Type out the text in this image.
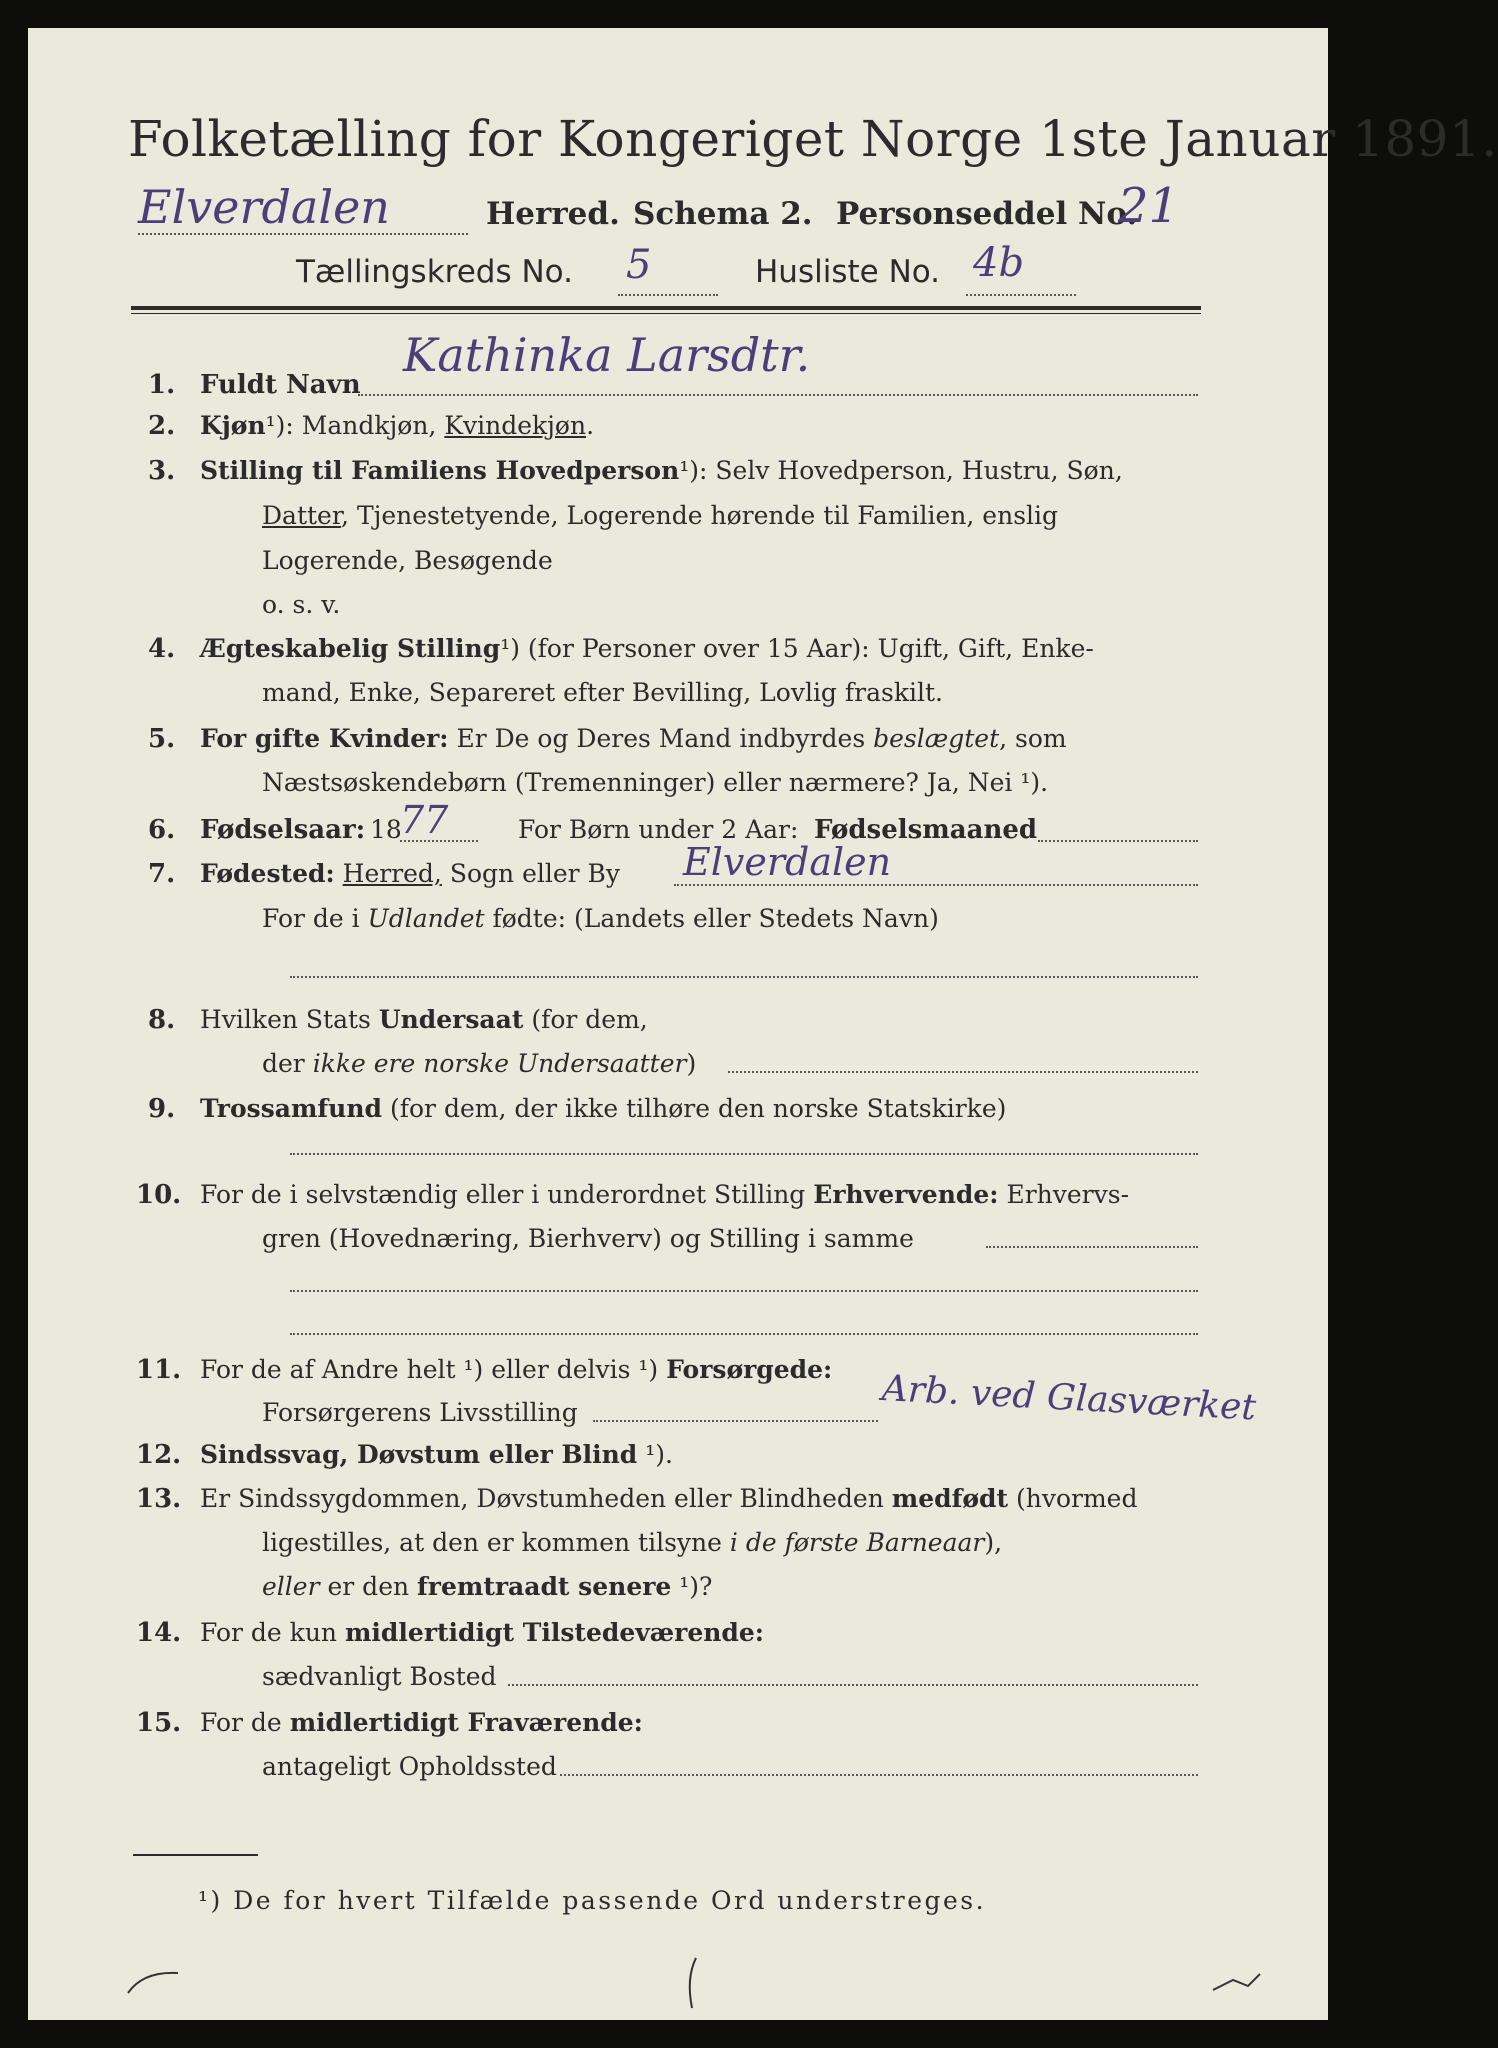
Folketælling for Kongeriget Norge 1ste Januar 1891.
Elverdalen	Herred. Schema 2. Personseddel No.
21
Tællingskreds No. 5	Husliste No. 4b
1. Fuldt Navn
Kathinka Larsdtr.
2. Kjøn¹): Mandkjøn, Kvindekjøn.
3. Stilling til Familiens Hovedperson¹): Selv Hovedperson, Hustru, Søn,
Datter, Tjenestetyende, Logerende hørende til Familien, enslig
Logerende, Besøgende
o. s. v.
4. Ægteskabelig Stilling¹) (for Personer over 15 Aar): Ugift, Gift, Enke-
mand, Enke, Separeret efter Bevilling, Lovlig fraskilt.
5. For gifte Kvinder: Er De og Deres Mand indbyrdes beslægtet, som
Næstsøskendebørn (Tremenninger) eller nærmere? Ja, Nei ¹).
6. Fødselsaar: 18
77	For Børn under 2 Aar: Fødselsmaaned
7. Fødested: Herred, Sogn eller By Elverdalen
For de i Udlandet fødte: (Landets eller Stedets Navn)
8. Hvilken Stats Undersaat (for dem,
der ikke ere norske Undersaatter)
9. Trossamfund (for dem, der ikke tilhøre den norske Statskirke)
10. For de i selvstændig eller i underordnet Stilling Erhvervende: Erhvervs-
gren (Hovednæring, Bierhverv) og Stilling i samme
11. For de af Andre helt ¹) eller delvis ¹) Forsørgede:
Forsørgerens Livsstilling	Arb. ved Glasværket
12. Sindssvag, Døvstum eller Blind ¹).
13. Er Sindssygdommen, Døvstumheden eller Blindheden medfødt (hvormed
ligestilles, at den er kommen tilsyne i de første Barneaar),
eller er den fremtraadt senere ¹)?
14. For de kun midlertidigt Tilstedeværende:
sædvanligt Bosted
15. For de midlertidigt Fraværende:
antageligt Opholdssted
¹) De for hvert Tilfælde passende Ord understreges.
